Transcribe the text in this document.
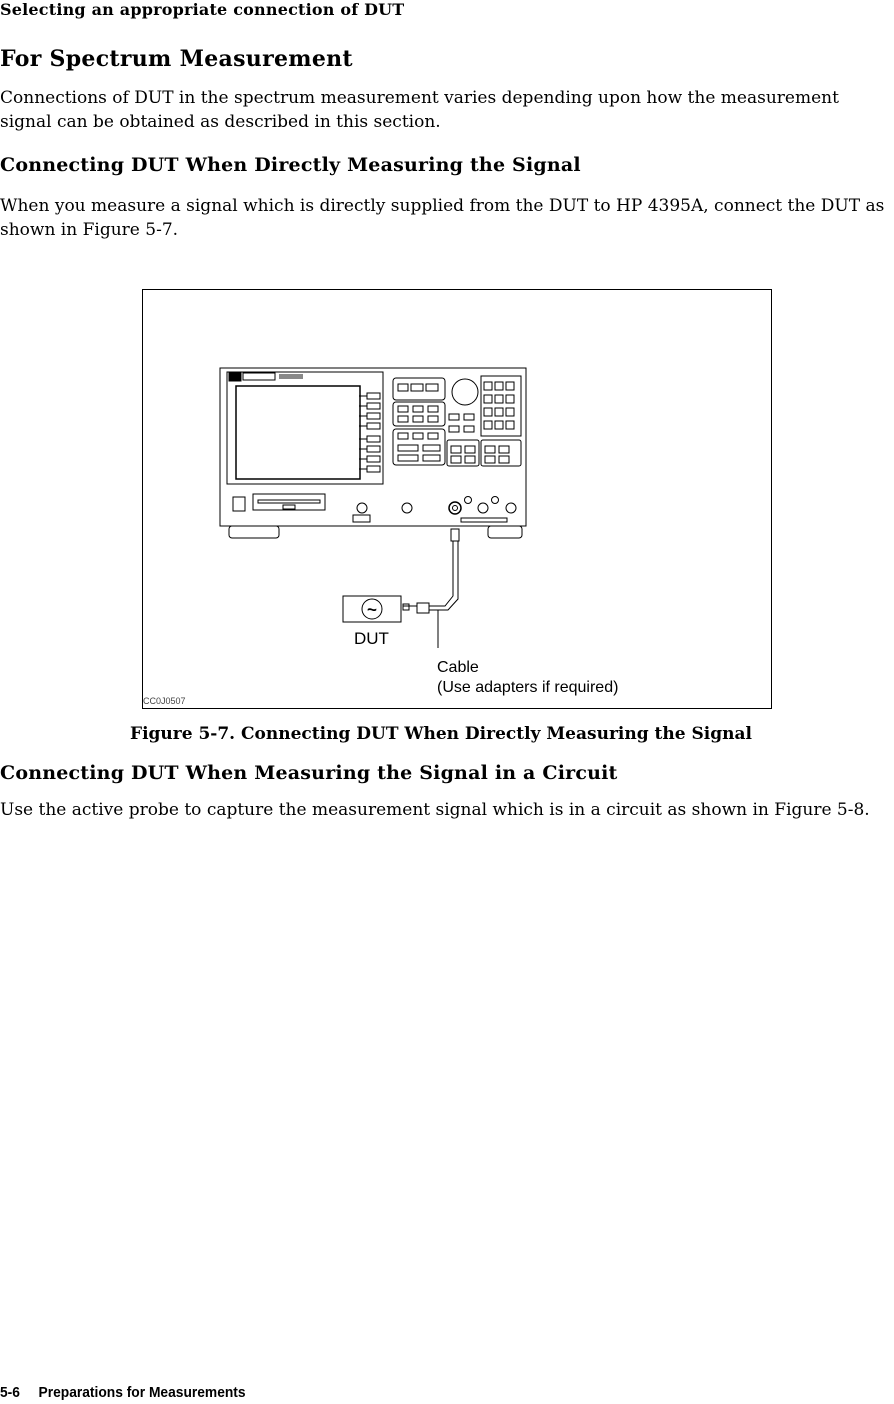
Selecting an appropriate connection of DUT
For Spectrum Measurement
Connections of DUT in the spectrum measurement varies depending upon how the measurement signal can be obtained as described in this section.
Connecting DUT When Directly Measuring the Signal
When you measure a signal which is directly supplied from the DUT to HP 4395A, connect the DUT as shown in Figure 5-7.
~
DUT
Cable
(Use adapters if required)
CC0J0507
Figure 5-7. Connecting DUT When Directly Measuring the Signal
Connecting DUT When Measuring the Signal in a Circuit
Use the active probe to capture the measurement signal which is in a circuit as shown in Figure 5-8.
5-6 Preparations for Measurements
